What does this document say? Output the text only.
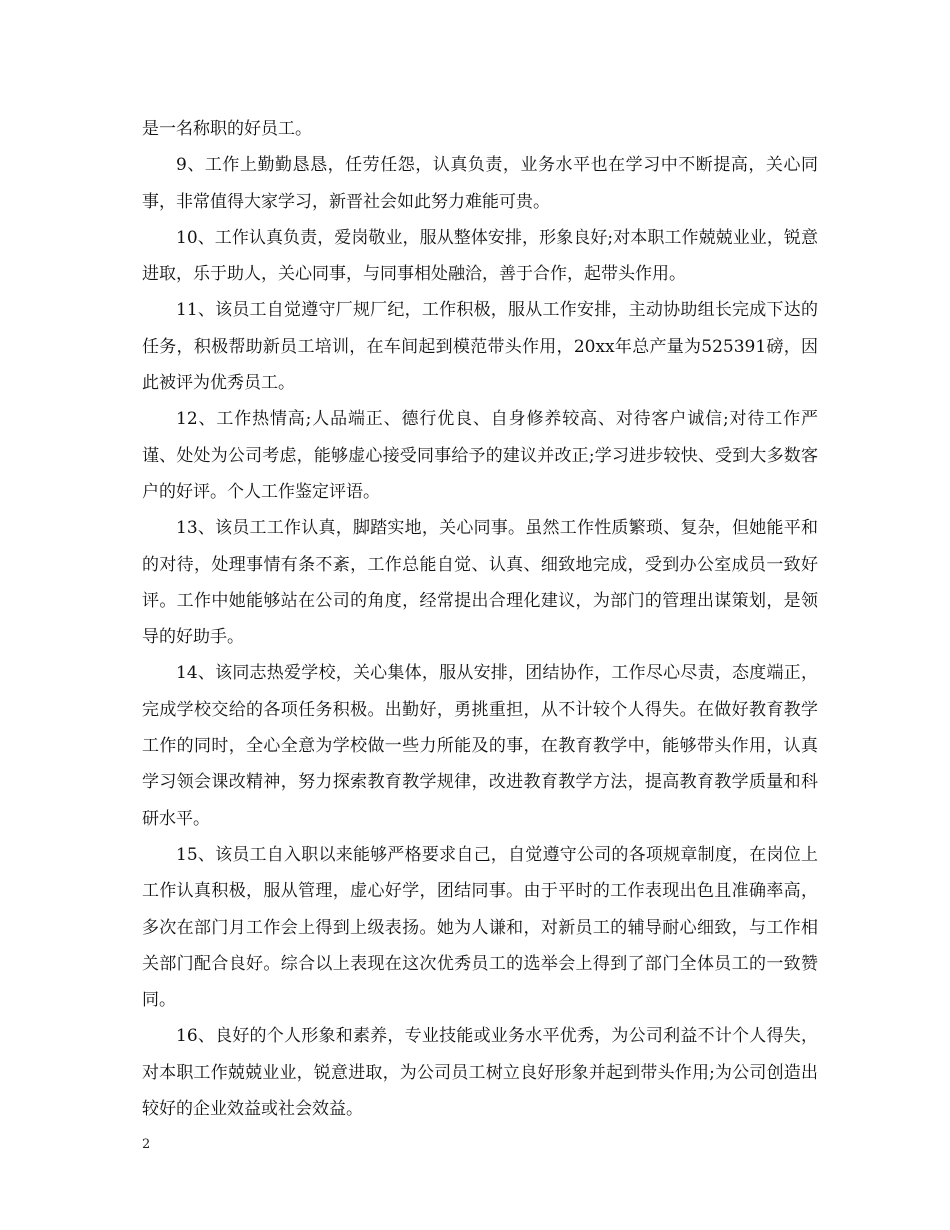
是一名称职的好员工。

9、工作上勤勤恳恳，任劳任怨，认真负责，业务水平也在学习中不断提高，关心同事，非常值得大家学习，新晋社会如此努力难能可贵。

10、工作认真负责，爱岗敬业，服从整体安排，形象良好;对本职工作兢兢业业，锐意进取，乐于助人，关心同事，与同事相处融洽，善于合作，起带头作用。

11、该员工自觉遵守厂规厂纪，工作积极，服从工作安排，主动协助组长完成下达的任务，积极帮助新员工培训，在车间起到模范带头作用，20xx年总产量为525391磅，因此被评为优秀员工。

12、工作热情高;人品端正、德行优良、自身修养较高、对待客户诚信;对待工作严谨、处处为公司考虑，能够虚心接受同事给予的建议并改正;学习进步较快、受到大多数客户的好评。个人工作鉴定评语。

13、该员工工作认真，脚踏实地，关心同事。虽然工作性质繁琐、复杂，但她能平和的对待，处理事情有条不紊，工作总能自觉、认真、细致地完成，受到办公室成员一致好评。工作中她能够站在公司的角度，经常提出合理化建议，为部门的管理出谋策划，是领导的好助手。

14、该同志热爱学校，关心集体，服从安排，团结协作，工作尽心尽责，态度端正，完成学校交给的各项任务积极。出勤好，勇挑重担，从不计较个人得失。在做好教育教学工作的同时，全心全意为学校做一些力所能及的事，在教育教学中，能够带头作用，认真学习领会课改精神，努力探索教育教学规律，改进教育教学方法，提高教育教学质量和科研水平。

15、该员工自入职以来能够严格要求自己，自觉遵守公司的各项规章制度，在岗位上工作认真积极，服从管理，虚心好学，团结同事。由于平时的工作表现出色且准确率高，多次在部门月工作会上得到上级表扬。她为人谦和，对新员工的辅导耐心细致，与工作相关部门配合良好。综合以上表现在这次优秀员工的选举会上得到了部门全体员工的一致赞同。

16、良好的个人形象和素养，专业技能或业务水平优秀，为公司利益不计个人得失，对本职工作兢兢业业，锐意进取，为公司员工树立良好形象并起到带头作用;为公司创造出较好的企业效益或社会效益。

2
